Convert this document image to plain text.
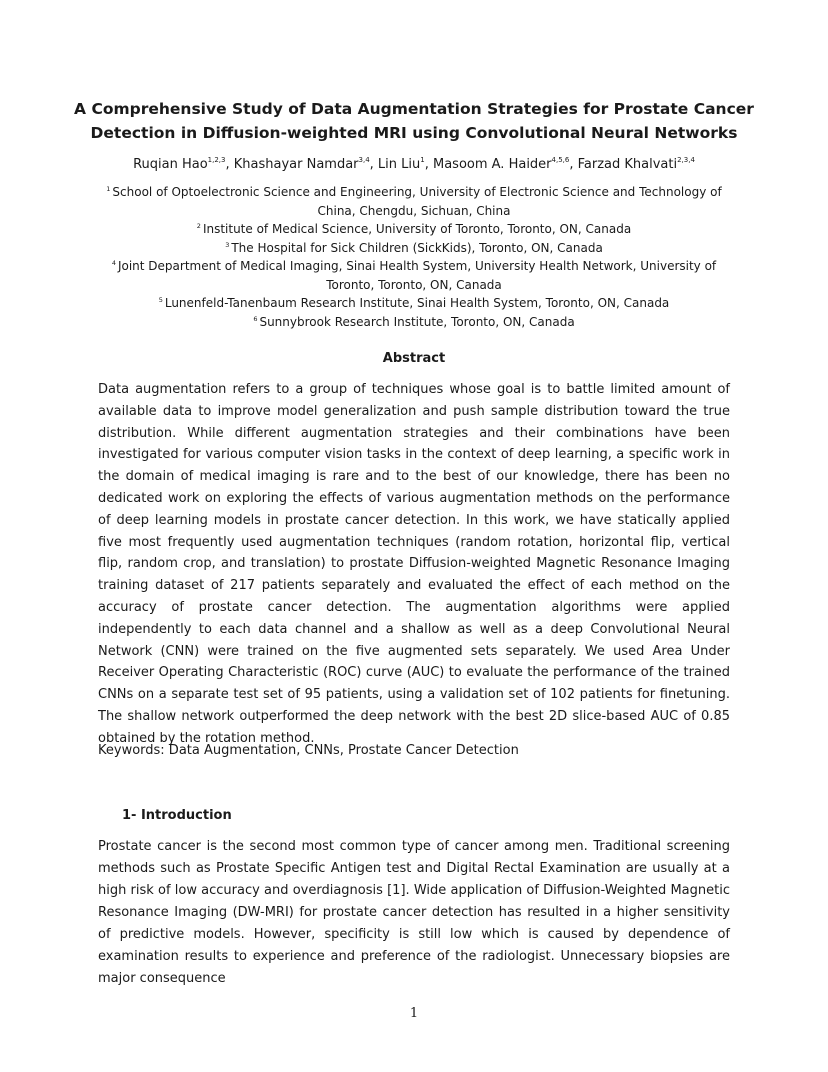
A Comprehensive Study of Data Augmentation Strategies for Prostate Cancer
Detection in Diffusion-weighted MRI using Convolutional Neural Networks
Ruqian Hao$^{1,2,3}$, Khashayar Namdar$^{3,4}$, Lin Liu$^1$, Masoom A. Haider$^{4,5,6}$, Farzad Khalvati$^{2,3,4}$
$^1$ School of Optoelectronic Science and Engineering, University of Electronic Science and Technology of China, Chengdu, Sichuan, China
$^2$ Institute of Medical Science, University of Toronto, Toronto, ON, Canada
$^3$ The Hospital for Sick Children (SickKids), Toronto, ON, Canada
$^4$ Joint Department of Medical Imaging, Sinai Health System, University Health Network, University of Toronto, Toronto, ON, Canada
$^5$ Lunenfeld-Tanenbaum Research Institute, Sinai Health System, Toronto, ON, Canada
$^6$ Sunnybrook Research Institute, Toronto, ON, Canada
Abstract
Data augmentation refers to a group of techniques whose goal is to battle limited amount of available data to improve model generalization and push sample distribution toward the true distribution. While different augmentation strategies and their combinations have been investigated for various computer vision tasks in the context of deep learning, a specific work in the domain of medical imaging is rare and to the best of our knowledge, there has been no dedicated work on exploring the effects of various augmentation methods on the performance of deep learning models in prostate cancer detection. In this work, we have statically applied five most frequently used augmentation techniques (random rotation, horizontal flip, vertical flip, random crop, and translation) to prostate Diffusion-weighted Magnetic Resonance Imaging training dataset of 217 patients separately and evaluated the effect of each method on the accuracy of prostate cancer detection. The augmentation algorithms were applied independently to each data channel and a shallow as well as a deep Convolutional Neural Network (CNN) were trained on the five augmented sets separately. We used Area Under Receiver Operating Characteristic (ROC) curve (AUC) to evaluate the performance of the trained CNNs on a separate test set of 95 patients, using a validation set of 102 patients for finetuning. The shallow network outperformed the deep network with the best 2D slice-based AUC of 0.85 obtained by the rotation method.
Keywords: Data Augmentation, CNNs, Prostate Cancer Detection
1- Introduction
Prostate cancer is the second most common type of cancer among men. Traditional screening methods such as Prostate Specific Antigen test and Digital Rectal Examination are usually at a high risk of low accuracy and overdiagnosis [1]. Wide application of Diffusion-Weighted Magnetic Resonance Imaging (DW-MRI) for prostate cancer detection has resulted in a higher sensitivity of predictive models. However, specificity is still low which is caused by dependence of examination results to experience and preference of the radiologist. Unnecessary biopsies are major consequence
1
